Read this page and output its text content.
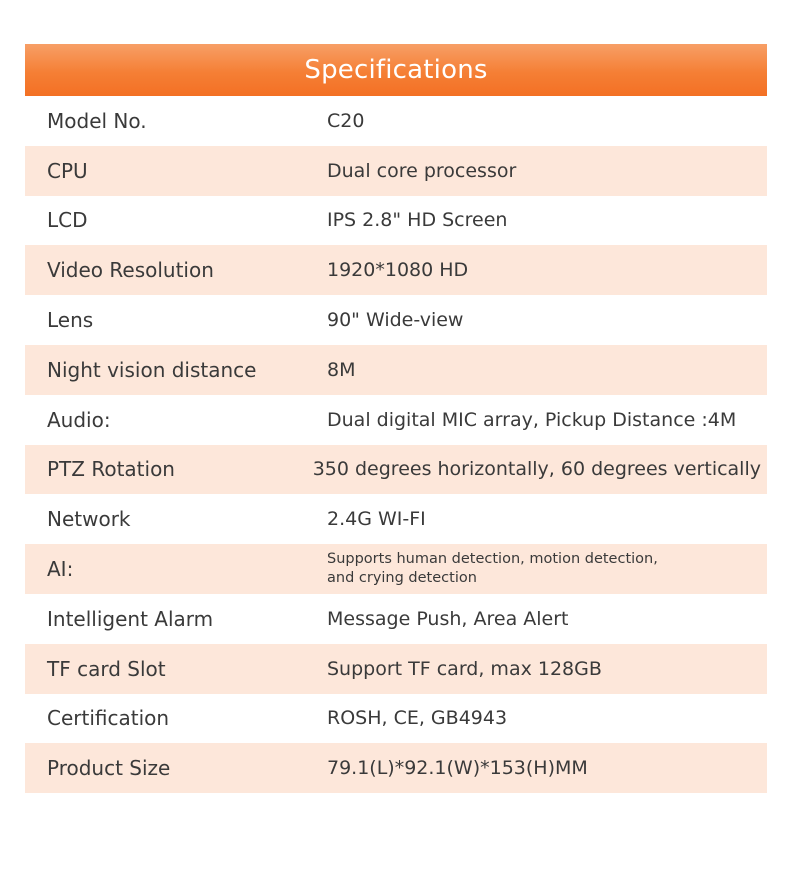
Specifications
Model No.	C20
CPU	Dual core processor
LCD	IPS 2.8" HD Screen
Video Resolution	1920*1080 HD
Lens	90" Wide-view
Night vision distance	8M
Audio:	Dual digital MIC array, Pickup Distance :4M
PTZ Rotation	350 degrees horizontally, 60 degrees vertically
Network	2.4G WI-FI
AI:	Supports human detection, motion detection, and crying detection
Intelligent Alarm	Message Push, Area Alert
TF card Slot	Support TF card, max 128GB
Certification	ROSH, CE, GB4943
Product Size	79.1(L)*92.1(W)*153(H)MM
